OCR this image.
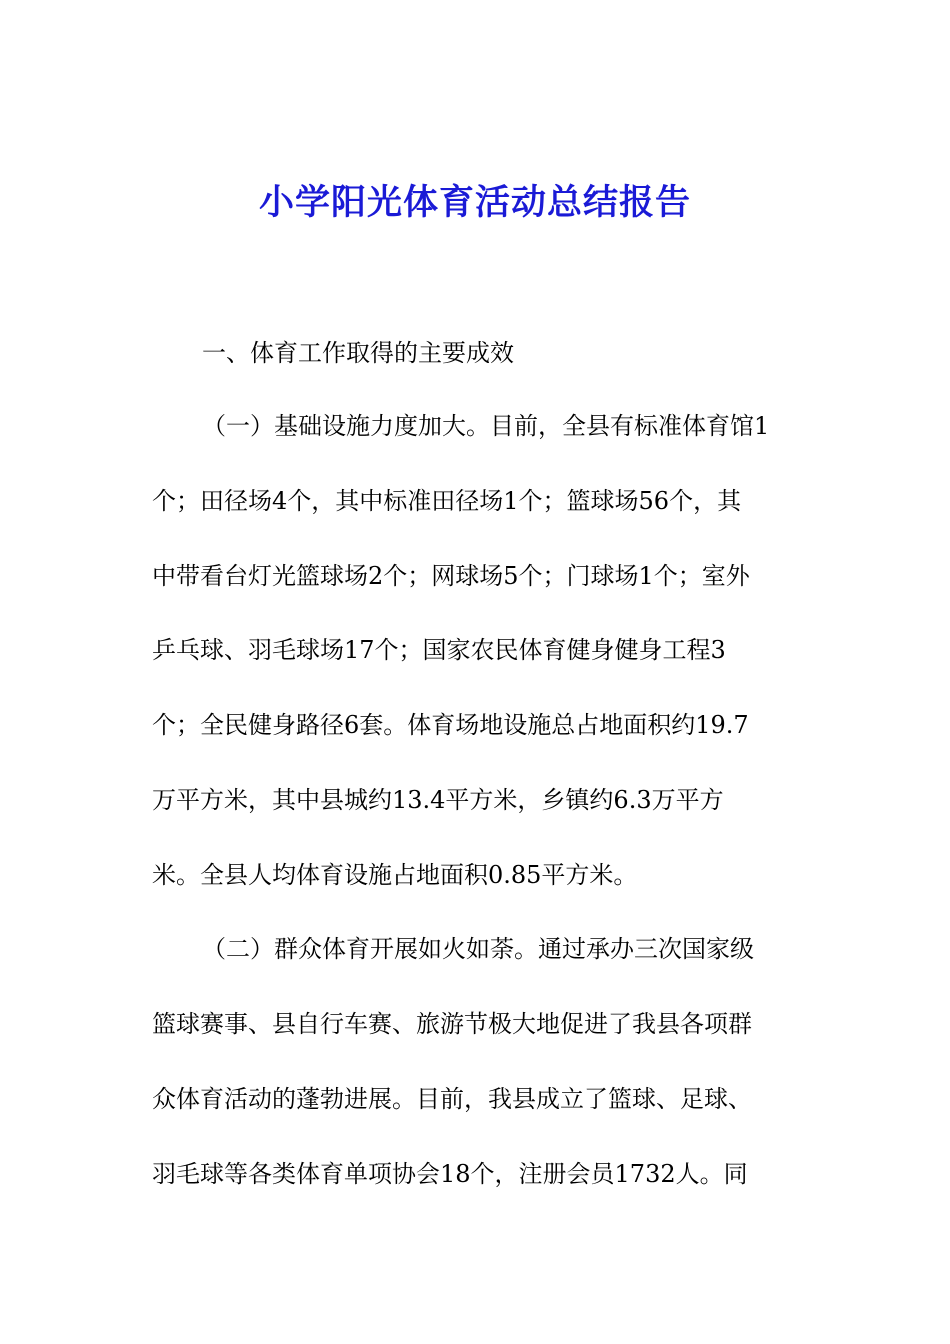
小学阳光体育活动总结报告

一、体育工作取得的主要成效

（一）基础设施力度加大。目前，全县有标准体育馆1

个；田径场4个，其中标准田径场1个；篮球场56个，其

中带看台灯光篮球场2个；网球场5个；门球场1个；室外

乒乓球、羽毛球场17个；国家农民体育健身健身工程3

个；全民健身路径6套。体育场地设施总占地面积约19.7

万平方米，其中县城约13.4平方米，乡镇约6.3万平方

米。全县人均体育设施占地面积0.85平方米。

（二）群众体育开展如火如荼。通过承办三次国家级

篮球赛事、县自行车赛、旅游节极大地促进了我县各项群

众体育活动的蓬勃进展。目前，我县成立了篮球、足球、

羽毛球等各类体育单项协会18个，注册会员1732人。同
